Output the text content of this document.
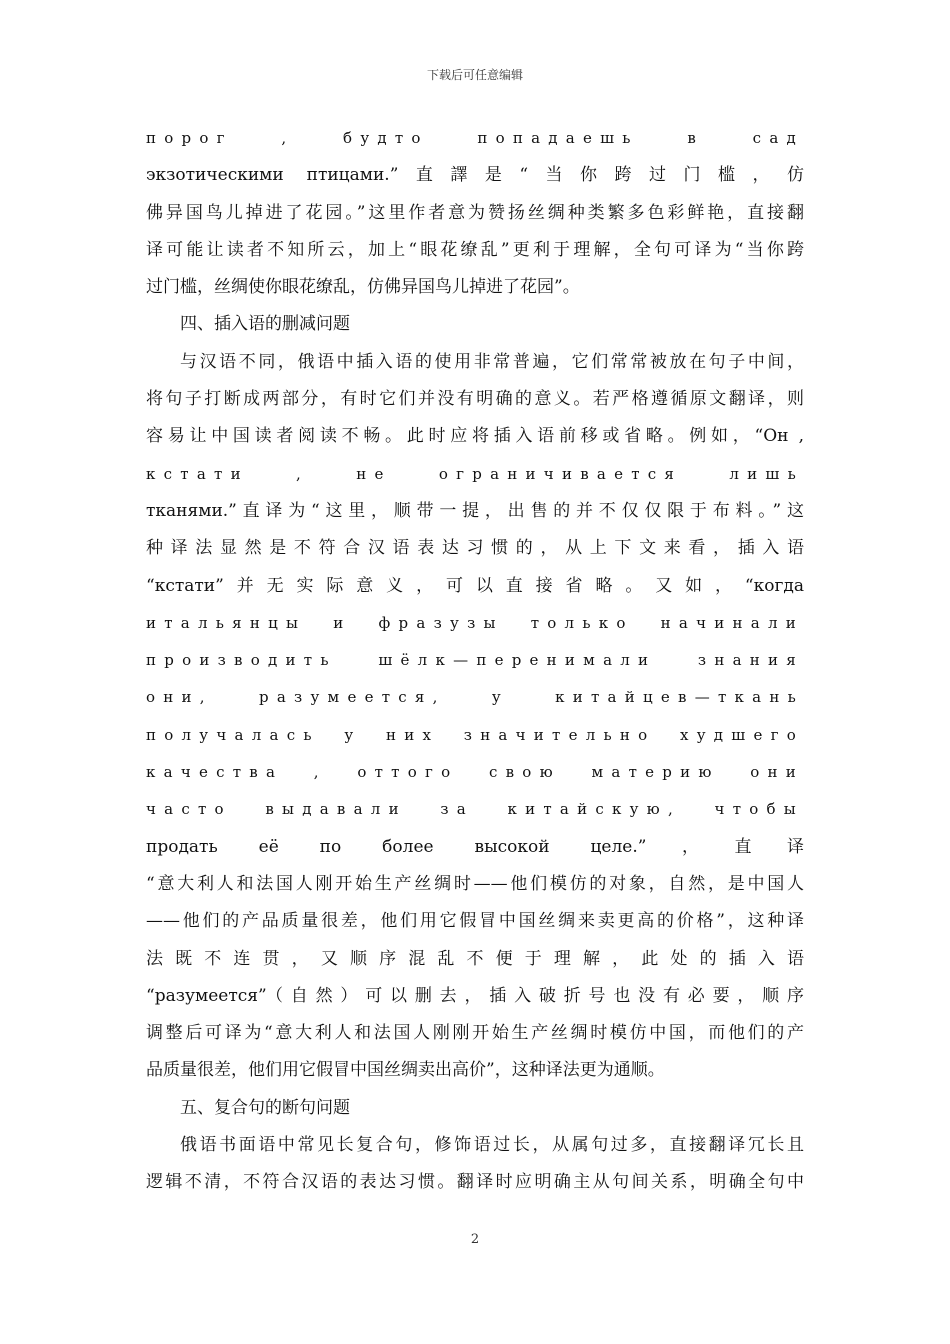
下载后可任意编辑
порог , будто попадаешь в сад
экзотическими птицами.”直譯是“当你跨过门槛，仿
佛异国鸟儿掉进了花园。”这里作者意为赞扬丝绸种类繁多色彩鲜艳，直接翻
译可能让读者不知所云，加上“眼花缭乱”更利于理解，全句可译为“当你跨
过门槛，丝绸使你眼花缭乱，仿佛异国鸟儿掉进了花园”。
四、插入语的删减问题
与汉语不同，俄语中插入语的使用非常普遍，它们常常被放在句子中间，
将句子打断成两部分，有时它们并没有明确的意义。若严格遵循原文翻译，则
容易让中国读者阅读不畅。此时应将插入语前移或省略。例如，“Он ,
кстати , не ограничивается лишь
тканями.”直译为“这里，顺带一提，出售的并不仅仅限于布料。”这
种译法显然是不符合汉语表达习惯的，从上下文来看，插入语
“кстати”并无实际意义，可以直接省略。又如，“когда
итальянцы и фразузы только начинали
производить шёлк—перенимали знания
они, разумеется, у китайцев—ткань
получалась у них значительно худшего
качества , оттого свою материю они
часто выдавали за китайскую, чтобы
продать её по более высокой целе.”，直译
“意大利人和法国人刚开始生产丝绸时——他们模仿的对象，自然，是中国人
——他们的产品质量很差，他们用它假冒中国丝绸来卖更高的价格”，这种译
法既不连贯，又顺序混乱不便于理解，此处的插入语
“разумеется”（自然）可以删去，插入破折号也没有必要，顺序
调整后可译为“意大利人和法国人刚刚开始生产丝绸时模仿中国，而他们的产
品质量很差，他们用它假冒中国丝绸卖出高价”，这种译法更为通顺。
五、复合句的断句问题
俄语书面语中常见长复合句，修饰语过长，从属句过多，直接翻译冗长且
逻辑不清，不符合汉语的表达习惯。翻译时应明确主从句间关系，明确全句中
2
